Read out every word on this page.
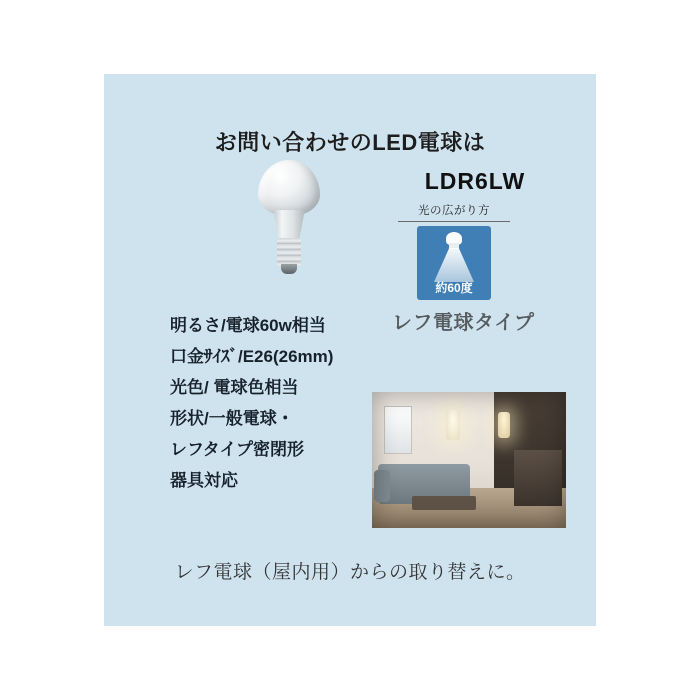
お問い合わせのLED電球は
LDR6LW
光の広がり方
約60度
レフ電球タイプ
明るさ/電球60w相当
口金ｻｲｽﾞ/E26(26mm)
光色/ 電球色相当
形状/一般電球・
レフタイプ密閉形
器具対応
レフ電球（屋内用）からの取り替えに。
